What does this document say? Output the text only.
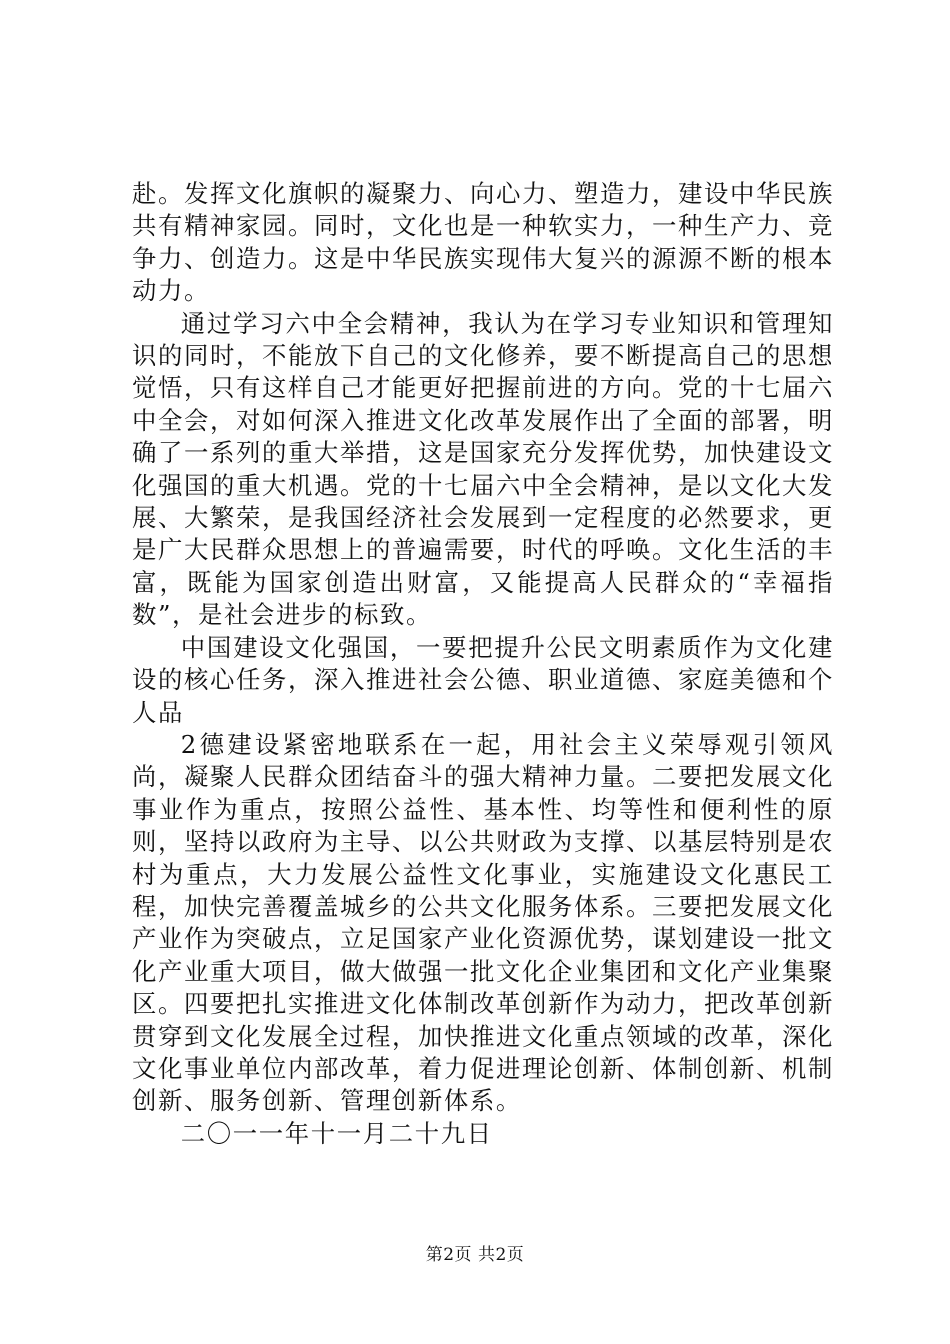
赴。发挥文化旗帜的凝聚力、向心力、塑造力，建设中华民族共有精神家园。同时，文化也是一种软实力，一种生产力、竞争力、创造力。这是中华民族实现伟大复兴的源源不断的根本动力。

通过学习六中全会精神，我认为在学习专业知识和管理知识的同时，不能放下自己的文化修养，要不断提高自己的思想觉悟，只有这样自己才能更好把握前进的方向。党的十七届六中全会，对如何深入推进文化改革发展作出了全面的部署，明确了一系列的重大举措，这是国家充分发挥优势，加快建设文化强国的重大机遇。党的十七届六中全会精神，是以文化大发展、大繁荣，是我国经济社会发展到一定程度的必然要求，更是广大民群众思想上的普遍需要，时代的呼唤。文化生活的丰富，既能为国家创造出财富，又能提高人民群众的“幸福指数”，是社会进步的标致。

中国建设文化强国，一要把提升公民文明素质作为文化建设的核心任务，深入推进社会公德、职业道德、家庭美德和个人品

2德建设紧密地联系在一起，用社会主义荣辱观引领风尚，凝聚人民群众团结奋斗的强大精神力量。二要把发展文化事业作为重点，按照公益性、基本性、均等性和便利性的原则，坚持以政府为主导、以公共财政为支撑、以基层特别是农村为重点，大力发展公益性文化事业，实施建设文化惠民工程，加快完善覆盖城乡的公共文化服务体系。三要把发展文化产业作为突破点，立足国家产业化资源优势，谋划建设一批文化产业重大项目，做大做强一批文化企业集团和文化产业集聚区。四要把扎实推进文化体制改革创新作为动力，把改革创新贯穿到文化发展全过程，加快推进文化重点领域的改革，深化文化事业单位内部改革，着力促进理论创新、体制创新、机制创新、服务创新、管理创新体系。

二〇一一年十一月二十九日

第2页 共2页
